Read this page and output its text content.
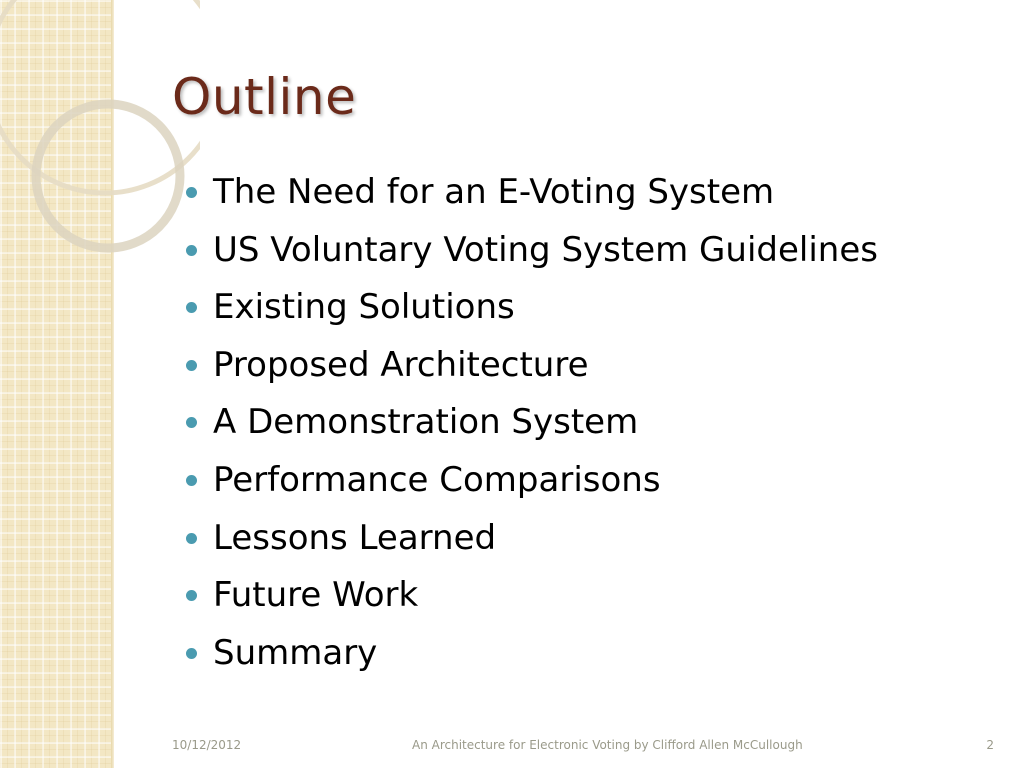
Outline
The Need for an E-Voting System
US Voluntary Voting System Guidelines
Existing Solutions
Proposed Architecture
A Demonstration System
Performance Comparisons
Lessons Learned
Future Work
Summary
10/12/2012	An Architecture for Electronic Voting by Clifford Allen McCullough	2
